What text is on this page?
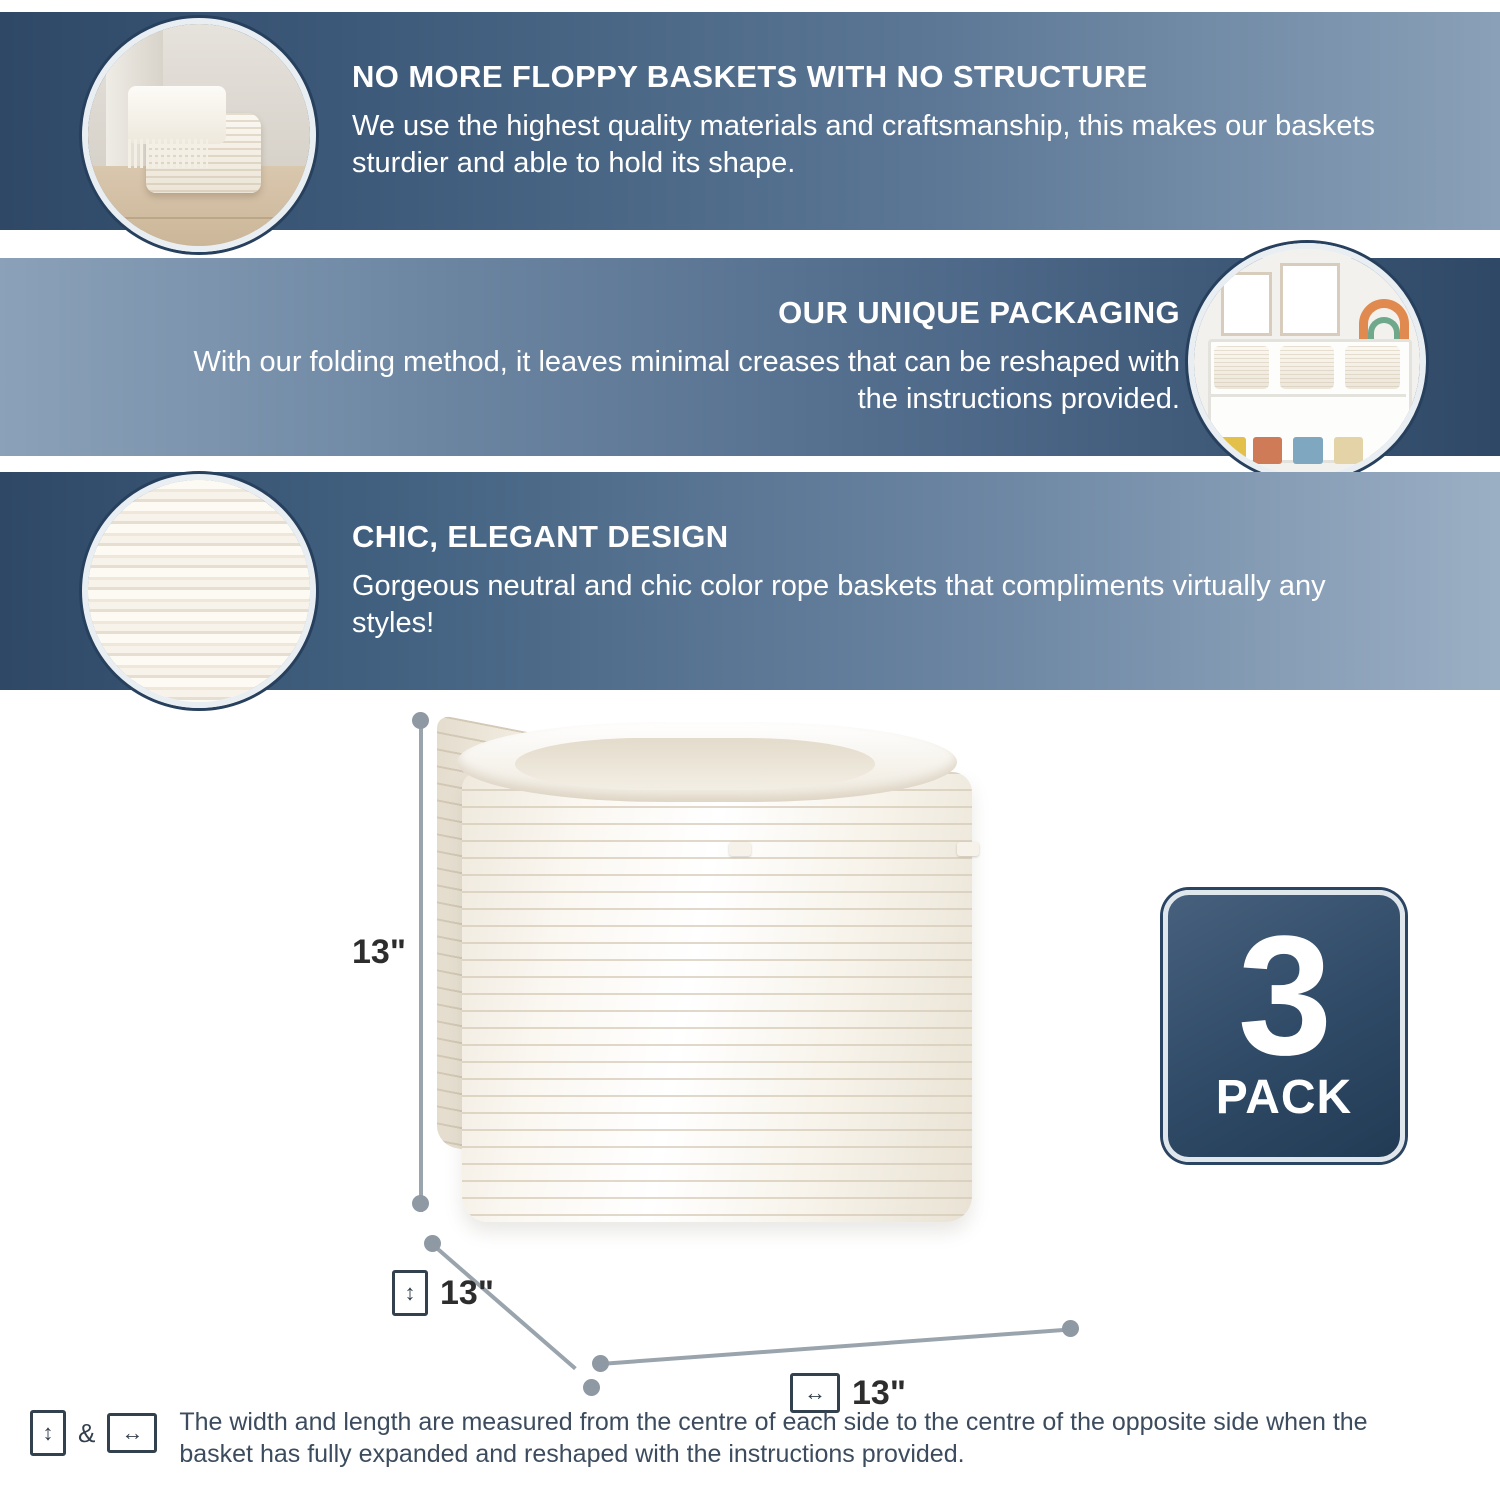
NO MORE FLOPPY BASKETS WITH NO STRUCTURE
We use the highest quality materials and craftsmanship, this makes our baskets sturdier and able to hold its shape.
OUR UNIQUE PACKAGING
With our folding method, it leaves minimal creases that can be reshaped with the instructions provided.
CHIC, ELEGANT DESIGN
Gorgeous neutral and chic color rope baskets that compliments virtually any styles!
13"
↕ 13"
↔ 13"
3
PACK
↕ &	↔	The width and length are measured from the centre of each side to the centre of the opposite side when the basket has fully expanded and reshaped with the instructions provided.
